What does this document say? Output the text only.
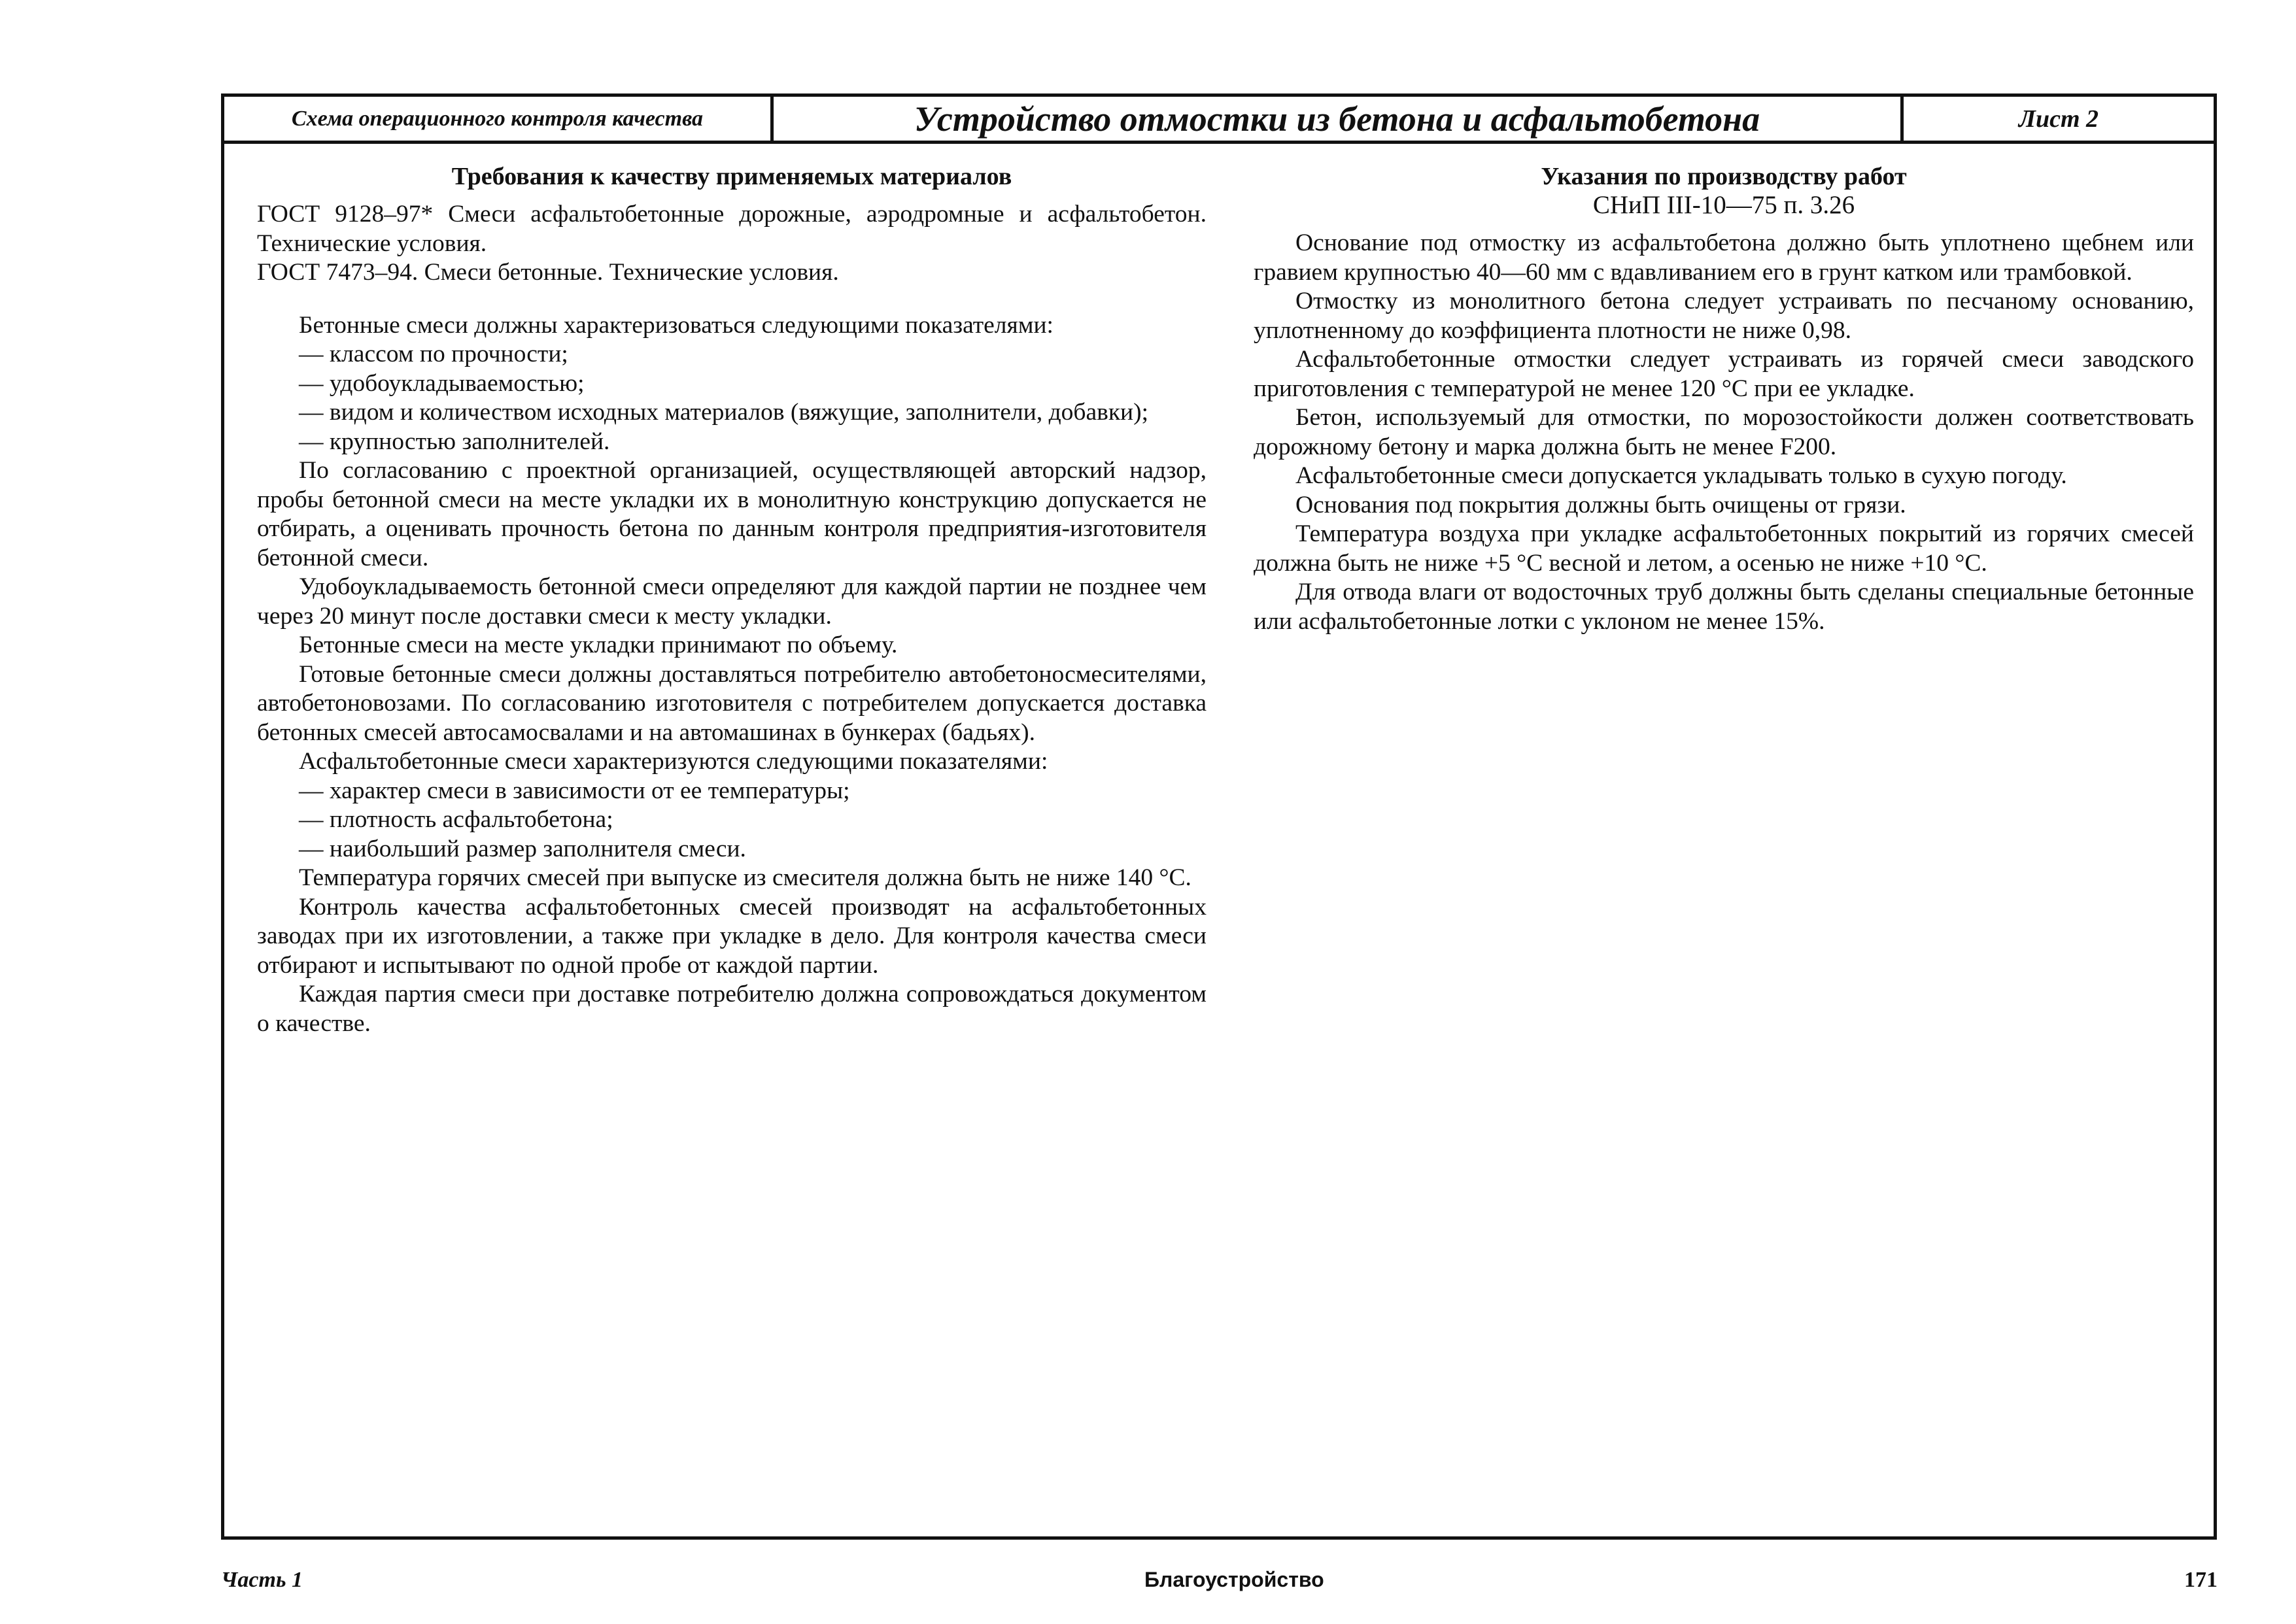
Схема операционного контроля качества	Устройство отмостки из бетона и асфальтобетона	Лист 2
Требования к качеству применяемых материалов

ГОСТ 9128–97* Смеси асфальтобетонные дорожные, аэродромные и асфальтобетон. Технические условия.

ГОСТ 7473–94. Смеси бетонные. Технические условия.

Бетонные смеси должны характеризоваться следующими показателями:

— классом по прочности;

— удобоукладываемостью;

— видом и количеством исходных материалов (вяжущие, заполнители, добавки);

— крупностью заполнителей.

По согласованию с проектной организацией, осуществляющей авторский надзор, пробы бетонной смеси на месте укладки их в монолитную конструкцию допускается не отбирать, а оценивать прочность бетона по данным контроля предприятия-изготовителя бетонной смеси.

Удобоукладываемость бетонной смеси определяют для каждой партии не позднее чем через 20 минут после доставки смеси к месту укладки.

Бетонные смеси на месте укладки принимают по объему.

Готовые бетонные смеси должны доставляться потребителю автобетоносмесителями, автобетоновозами. По согласованию изготовителя с потребителем допускается доставка бетонных смесей автосамосвалами и на автомашинах в бункерах (бадьях).

Асфальтобетонные смеси характеризуются следующими показателями:

— характер смеси в зависимости от ее температуры;

— плотность асфальтобетона;

— наибольший размер заполнителя смеси.

Температура горячих смесей при выпуске из смесителя должна быть не ниже 140 °С.

Контроль качества асфальтобетонных смесей производят на асфальтобетонных заводах при их изготовлении, а также при укладке в дело. Для контроля качества смеси отбирают и испытывают по одной пробе от каждой партии.

Каждая партия смеси при доставке потребителю должна сопровождаться документом о качестве.

Указания по производству работ

СНиП III-10—75 п. 3.26

Основание под отмостку из асфальтобетона должно быть уплотнено щебнем или гравием крупностью 40—60 мм с вдавливанием его в грунт катком или трамбовкой.

Отмостку из монолитного бетона следует устраивать по песчаному основанию, уплотненному до коэффициента плотности не ниже 0,98.

Асфальтобетонные отмостки следует устраивать из горячей смеси заводского приготовления с температурой не менее 120 °С при ее укладке.

Бетон, используемый для отмостки, по морозостойкости должен соответствовать дорожному бетону и марка должна быть не менее F200.

Асфальтобетонные смеси допускается укладывать только в сухую погоду.

Основания под покрытия должны быть очищены от грязи.

Температура воздуха при укладке асфальтобетонных покрытий из горячих смесей должна быть не ниже +5 °С весной и летом, а осенью не ниже +10 °С.

Для отвода влаги от водосточных труб должны быть сделаны специальные бетонные или асфальтобетонные лотки с уклоном не менее 15%.

Часть 1	Благоустройство	171
